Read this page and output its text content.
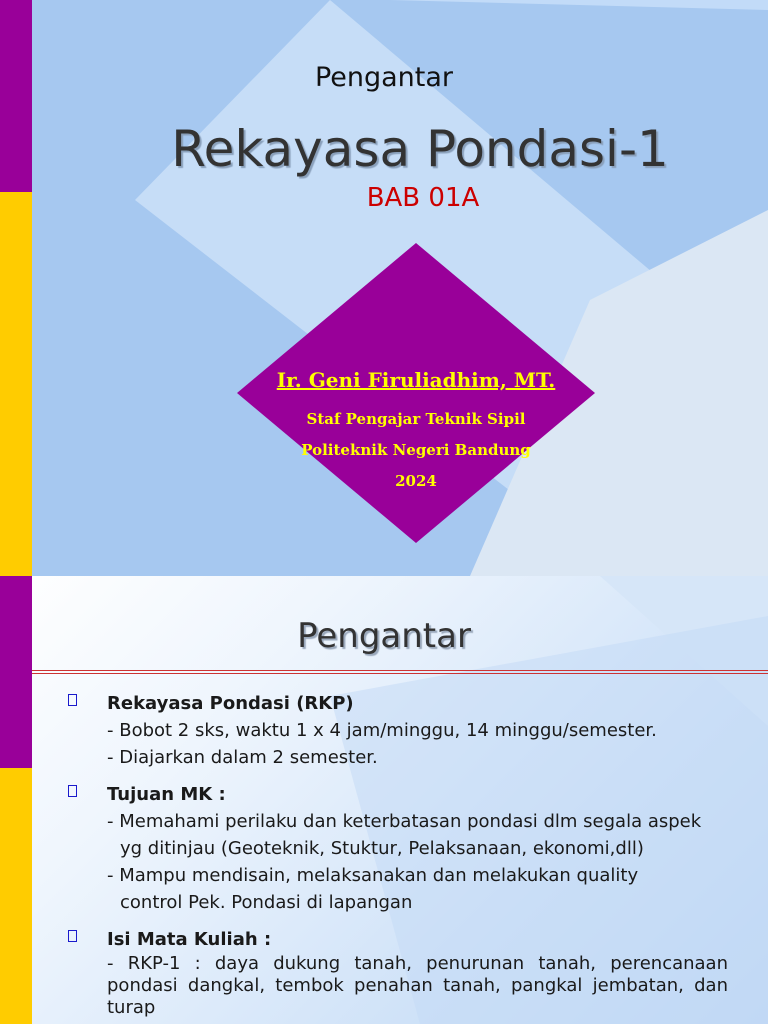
Pengantar

Rekayasa Pondasi-1

BAB 01A

Ir. Geni Firuliadhim, MT.

Staf Pengajar Teknik Sipil

Politeknik Negeri Bandung

2024

Pengantar

Rekayasa Pondasi (RKP)

- Bobot 2 sks, waktu 1 x 4 jam/minggu, 14 minggu/semester.

- Diajarkan dalam 2 semester.

Tujuan MK :

- Memahami perilaku dan keterbatasan pondasi dlm segala aspek

yg ditinjau (Geoteknik, Stuktur, Pelaksanaan, ekonomi,dll)

- Mampu mendisain, melaksanakan dan melakukan quality

control Pek. Pondasi di lapangan

Isi Mata Kuliah :

- RKP-1 : daya dukung tanah, penurunan tanah, perencanaan pondasi dangkal, tembok penahan tanah, pangkal jembatan, dan turap
